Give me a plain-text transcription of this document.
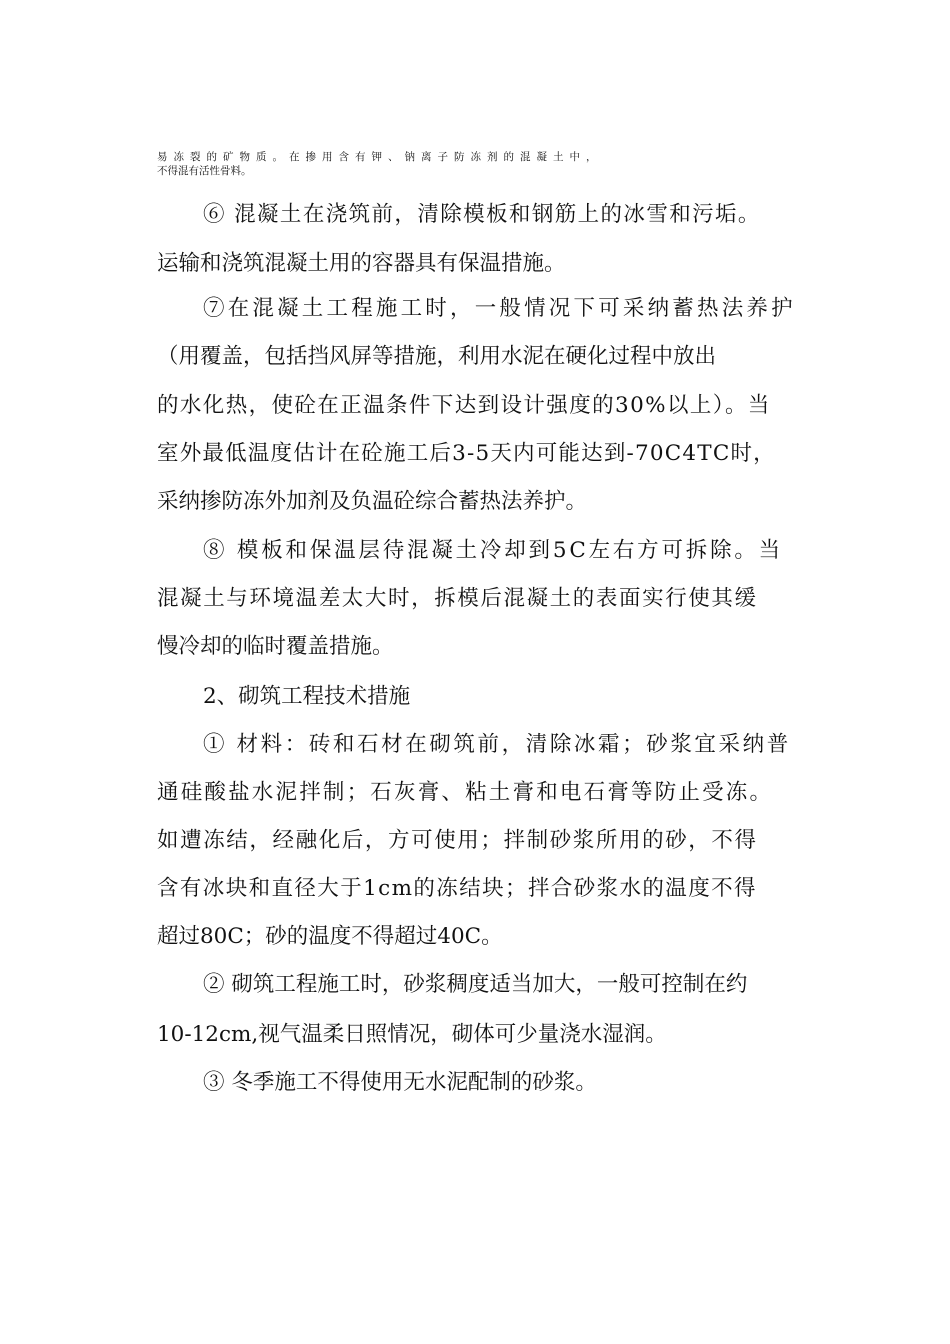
易冻裂的矿物质。在掺用含有钾、钠离子防冻剂的混凝土中，
不得混有活性骨料。
⑥ 混凝土在浇筑前，清除模板和钢筋上的冰雪和污垢。
运输和浇筑混凝土用的容器具有保温措施。
⑦在混凝土工程施工时，一般情况下可采纳蓄热法养护
（用覆盖，包括挡风屏等措施，利用水泥在硬化过程中放出
的水化热，使砼在正温条件下达到设计强度的30%以上）。当
室外最低温度估计在砼施工后3-5天内可能达到-70C4TC时，
采纳掺防冻外加剂及负温砼综合蓄热法养护。
⑧ 模板和保温层待混凝土冷却到5C左右方可拆除。当
混凝土与环境温差太大时，拆模后混凝土的表面实行使其缓
慢冷却的临时覆盖措施。
2、砌筑工程技术措施
① 材料：砖和石材在砌筑前，清除冰霜；砂浆宜采纳普
通硅酸盐水泥拌制；石灰膏、粘土膏和电石膏等防止受冻。
如遭冻结，经融化后，方可使用；拌制砂浆所用的砂，不得
含有冰块和直径大于1cm的冻结块；拌合砂浆水的温度不得
超过80C；砂的温度不得超过40C。
② 砌筑工程施工时，砂浆稠度适当加大，一般可控制在约
10-12cm,视气温柔日照情况，砌体可少量浇水湿润。
③ 冬季施工不得使用无水泥配制的砂浆。
